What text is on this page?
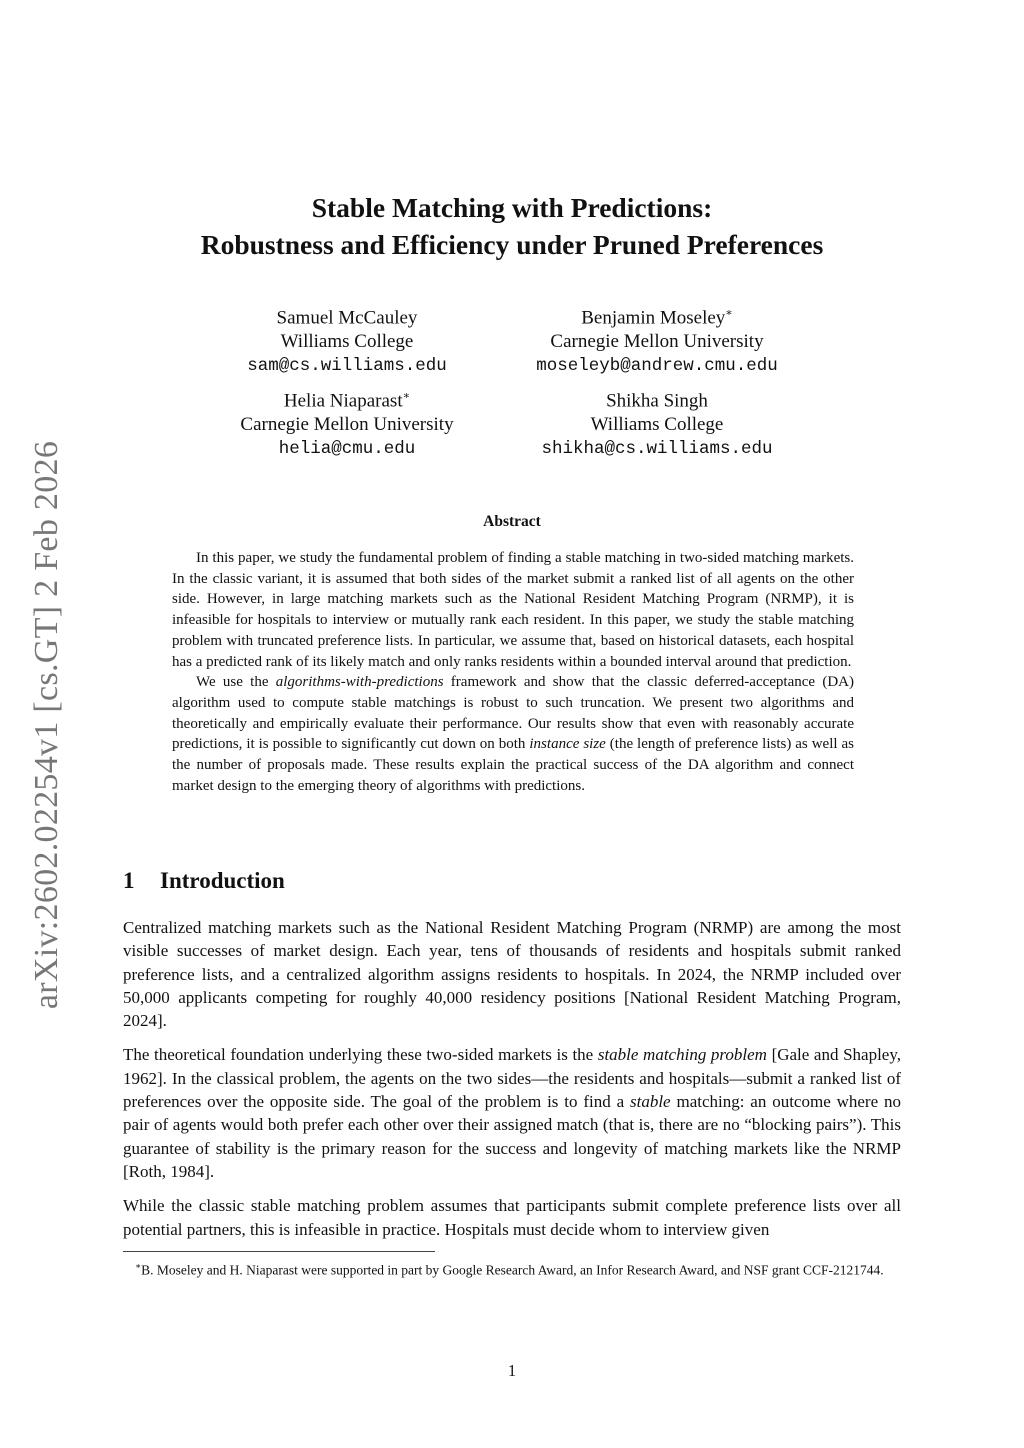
arXiv:2602.02254v1 [cs.GT] 2 Feb 2026
Stable Matching with Predictions:
Robustness and Efficiency under Pruned Preferences
Samuel McCauley
Williams College
sam@cs.williams.edu
Benjamin Moseley∗
Carnegie Mellon University
moseleyb@andrew.cmu.edu
Helia Niaparast∗
Carnegie Mellon University
helia@cmu.edu
Shikha Singh
Williams College
shikha@cs.williams.edu
Abstract

In this paper, we study the fundamental problem of finding a stable matching in two-sided matching markets. In the classic variant, it is assumed that both sides of the market submit a ranked list of all agents on the other side. However, in large matching markets such as the National Resident Matching Program (NRMP), it is infeasible for hospitals to interview or mutually rank each resident. In this paper, we study the stable matching problem with truncated preference lists. In particular, we assume that, based on historical datasets, each hospital has a predicted rank of its likely match and only ranks residents within a bounded interval around that prediction.

We use the algorithms-with-predictions framework and show that the classic deferred-acceptance (DA) algorithm used to compute stable matchings is robust to such truncation. We present two algorithms and theoretically and empirically evaluate their performance. Our results show that even with reasonably accurate predictions, it is possible to significantly cut down on both instance size (the length of preference lists) as well as the number of proposals made. These results explain the practical success of the DA algorithm and connect market design to the emerging theory of algorithms with predictions.

1 Introduction

Centralized matching markets such as the National Resident Matching Program (NRMP) are among the most visible successes of market design. Each year, tens of thousands of residents and hospitals submit ranked preference lists, and a centralized algorithm assigns residents to hospitals. In 2024, the NRMP included over 50,000 applicants competing for roughly 40,000 residency positions [National Resident Matching Program, 2024].

The theoretical foundation underlying these two-sided markets is the stable matching problem [Gale and Shapley, 1962]. In the classical problem, the agents on the two sides—the residents and hospitals—submit a ranked list of preferences over the opposite side. The goal of the problem is to find a stable matching: an outcome where no pair of agents would both prefer each other over their assigned match (that is, there are no “blocking pairs”). This guarantee of stability is the primary reason for the success and longevity of matching markets like the NRMP [Roth, 1984].

While the classic stable matching problem assumes that participants submit complete preference lists over all potential partners, this is infeasible in practice. Hospitals must decide whom to interview given

∗B. Moseley and H. Niaparast were supported in part by Google Research Award, an Infor Research Award, and NSF grant CCF-2121744.

1
